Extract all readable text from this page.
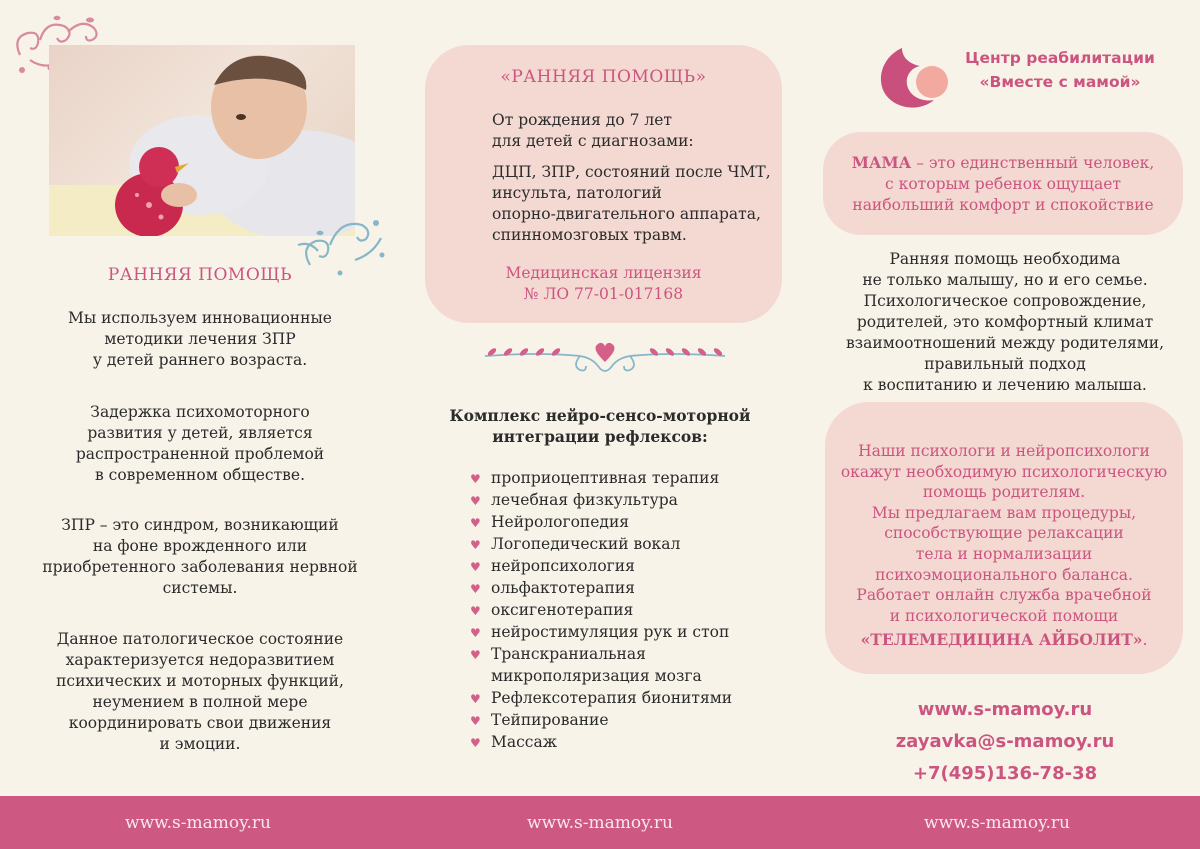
РАННЯЯ ПОМОЩЬ
Мы используем инновационные
методики лечения ЗПР
у детей раннего возраста.
Задержка психомоторного
развития у детей, является
распространенной проблемой
в современном обществе.
ЗПР – это синдром, возникающий
на фоне врожденного или
приобретенного заболевания нервной
системы.
Данное патологическое состояние
характеризуется недоразвитием
психических и моторных функций,
неумением в полной мере
координировать свои движения
и эмоции.
«РАННЯЯ ПОМОЩЬ»
От рождения до 7 лет
для детей с диагнозами:
ДЦП, ЗПР, состояний после ЧМТ,
инсульта, патологий
опорно-двигательного аппарата,
спинномозговых травм.
Медицинская лицензия
№ ЛО 77-01-017168
Комплекс нейро-сенсо-моторной
интеграции рефлексов:
♥ проприоцептивная терапия
♥ лечебная физкультура
♥ Нейрологопедия
♥ Логопедический вокал
♥ нейропсихология
♥ ольфактотерапия
♥ оксигенотерапия
♥ нейростимуляция рук и стоп
♥ Транскраниальная микрополяризация мозга
♥ Рефлексотерапия бионитями
♥ Тейпирование
♥ Массаж
Центр реабилитации
«Вместе с мамой»
МАМА – это единственный человек,
с которым ребенок ощущает
наибольший комфорт и спокойствие
Ранняя помощь необходима
не только малышу, но и его семье.
Психологическое сопровождение,
родителей, это комфортный климат
взаимоотношений между родителями,
правильный подход
к воспитанию и лечению малыша.
Наши психологи и нейропсихологи
окажут необходимую психологическую
помощь родителям.
Мы предлагаем вам процедуры,
способствующие релаксации
тела и нормализации
психоэмоционального баланса.
Работает онлайн служба врачебной
и психологической помощи
«ТЕЛЕМЕДИЦИНА АЙБОЛИТ».
www.s-mamoy.ru
zayavka@s-mamoy.ru
+7(495)136-78-38
www.s-mamoy.ru	www.s-mamoy.ru	www.s-mamoy.ru
